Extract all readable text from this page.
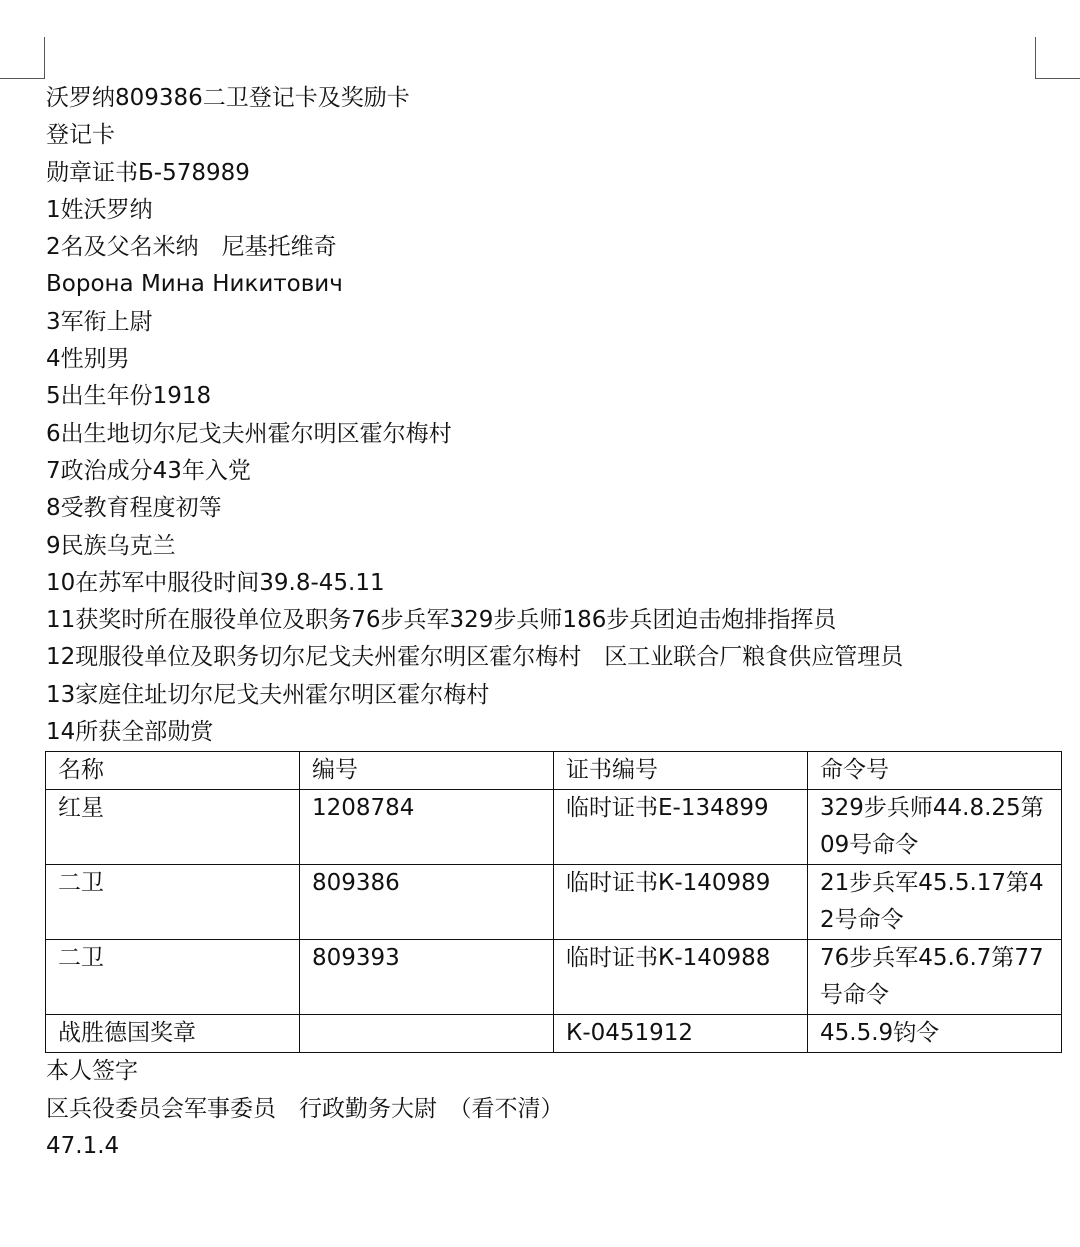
沃罗纳809386二卫登记卡及奖励卡
登记卡
勋章证书Б-578989
1姓沃罗纳
2名及父名米纳　尼基托维奇
Ворона Мина Никитович
3军衔上尉
4性别男
5出生年份1918
6出生地切尔尼戈夫州霍尔明区霍尔梅村
7政治成分43年入党
8受教育程度初等
9民族乌克兰
10在苏军中服役时间39.8-45.11
11获奖时所在服役单位及职务76步兵军329步兵师186步兵团迫击炮排指挥员
12现服役单位及职务切尔尼戈夫州霍尔明区霍尔梅村　区工业联合厂粮食供应管理员
13家庭住址切尔尼戈夫州霍尔明区霍尔梅村
14所获全部勋赏
名称	编号	证书编号	命令号
红星	1208784	临时证书Е-134899	329步兵师44.8.25第09号命令
二卫	809386	临时证书К-140989	21步兵军45.5.17第42号命令
二卫	809393	临时证书К-140988	76步兵军45.6.7第77号命令
战胜德国奖章		К-0451912	45.5.9钧令
本人签字
区兵役委员会军事委员　行政勤务大尉　（看不清）
47.1.4
